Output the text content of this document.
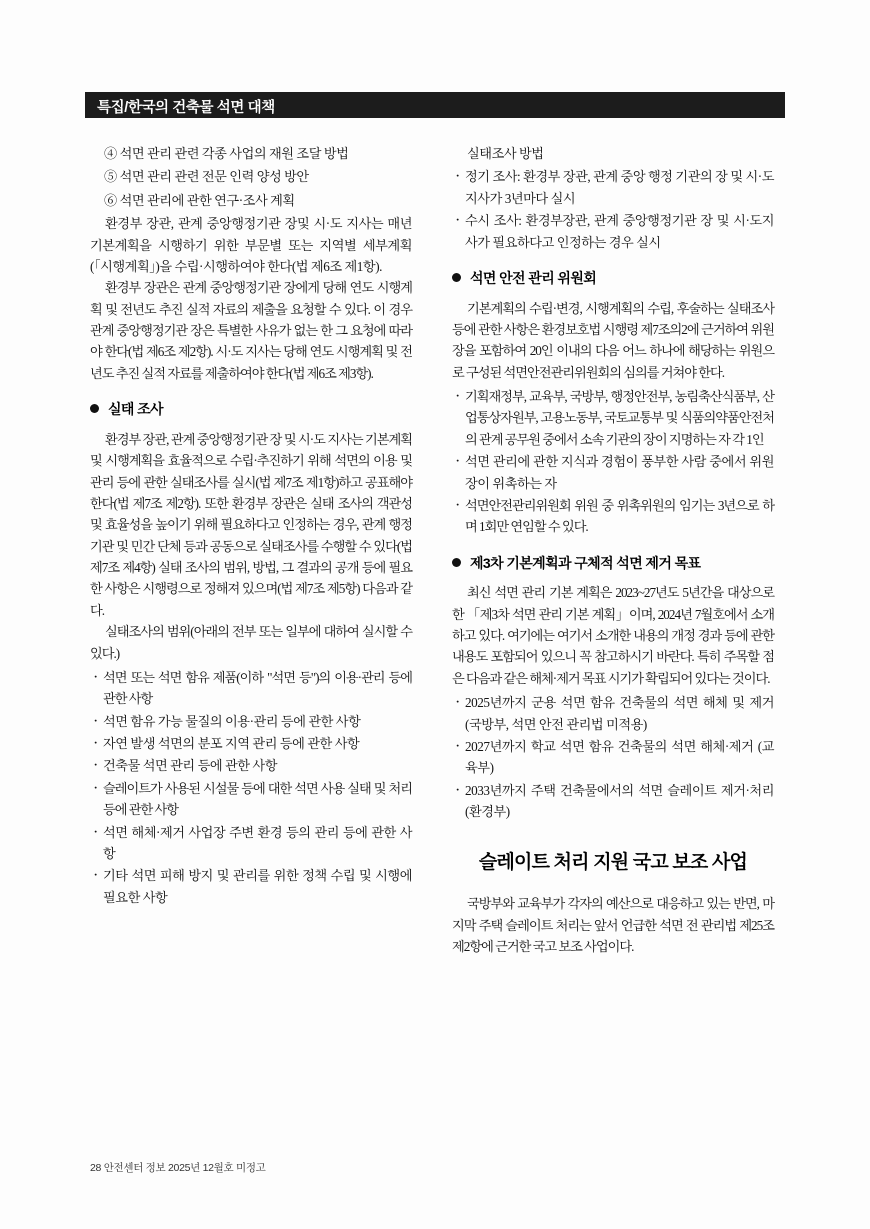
특집/한국의 건축물 석면 대책

④ 석면 관리 관련 각종 사업의 재원 조달 방법

⑤ 석면 관리 관련 전문 인력 양성 방안

⑥ 석면 관리에 관한 연구·조사 계획

환경부 장관, 관계 중앙행정기관 장및 시·도 지사는 매년 기본계획을 시행하기 위한 부문별 또는 지역별 세부계획(「시행계획」)을 수립·시행하여야 한다(법 제6조 제1항).

환경부 장관은 관계 중앙행정기관 장에게 당해 연도 시행계획 및 전년도 추진 실적 자료의 제출을 요청할 수 있다. 이 경우 관계 중앙행정기관 장은 특별한 사유가 없는 한 그 요청에 따라야 한다(법 제6조 제2항). 시·도 지사는 당해 연도 시행계획 및 전년도 추진 실적 자료를 제출하여야 한다(법 제6조 제3항).

실태 조사

환경부 장관, 관계 중앙행정기관 장 및 시·도 지사는 기본계획 및 시행계획을 효율적으로 수립·추진하기 위해 석면의 이용 및 관리 등에 관한 실태조사를 실시(법 제7조 제1항)하고 공표해야 한다(법 제7조 제2항). 또한 환경부 장관은 실태 조사의 객관성 및 효율성을 높이기 위해 필요하다고 인정하는 경우, 관계 행정 기관 및 민간 단체 등과 공동으로 실태조사를 수행할 수 있다(법 제7조 제4항) 실태 조사의 범위, 방법, 그 결과의 공개 등에 필요한 사항은 시행령으로 정해져 있으며(법 제7조 제5항) 다음과 같다.

실태조사의 범위(아래의 전부 또는 일부에 대하여 실시할 수 있다.)

· 석면 또는 석면 함유 제품(이하 "석면 등")의 이용·관리 등에 관한 사항

· 석면 함유 가능 물질의 이용·관리 등에 관한 사항

· 자연 발생 석면의 분포 지역 관리 등에 관한 사항

· 건축물 석면 관리 등에 관한 사항

· 슬레이트가 사용된 시설물 등에 대한 석면 사용 실태 및 처리 등에 관한 사항

· 석면 해체·제거 사업장 주변 환경 등의 관리 등에 관한 사항

· 기타 석면 피해 방지 및 관리를 위한 정책 수립 및 시행에 필요한 사항

실태조사 방법

· 정기 조사: 환경부 장관, 관계 중앙 행정 기관의 장 및 시·도 지사가 3년마다 실시

· 수시 조사: 환경부장관, 관계 중앙행정기관 장 및 시·도지사가 필요하다고 인정하는 경우 실시

석면 안전 관리 위원회

기본계획의 수립·변경, 시행계획의 수립, 후술하는 실태조사 등에 관한 사항은 환경보호법 시행령 제7조의2에 근거하여 위원장을 포함하여 20인 이내의 다음 어느 하나에 해당하는 위원으로 구성된 석면안전관리위원회의 심의를 거쳐야 한다.

· 기획재정부, 교육부, 국방부, 행정안전부, 농림축산식품부, 산업통상자원부, 고용노동부, 국토교통부 및 식품의약품안전처의 관계 공무원 중에서 소속 기관의 장이 지명하는 자 각 1인

· 석면 관리에 관한 지식과 경험이 풍부한 사람 중에서 위원장이 위촉하는 자

· 석면안전관리위원회 위원 중 위촉위원의 임기는 3년으로 하며 1회만 연임할 수 있다.

제3차 기본계획과 구체적 석면 제거 목표

최신 석면 관리 기본 계획은 2023~27년도 5년간을 대상으로 한 「제3차 석면 관리 기본 계획」이며, 2024년 7월호에서 소개하고 있다. 여기에는 여기서 소개한 내용의 개정 경과 등에 관한 내용도 포함되어 있으니 꼭 참고하시기 바란다. 특히 주목할 점은 다음과 같은 해체·제거 목표 시기가 확립되어 있다는 것이다.

· 2025년까지 군용 석면 함유 건축물의 석면 해체 및 제거 (국방부, 석면 안전 관리법 미적용)

· 2027년까지 학교 석면 함유 건축물의 석면 해체·제거 (교육부)

· 2033년까지 주택 건축물에서의 석면 슬레이트 제거·처리 (환경부)

슬레이트 처리 지원 국고 보조 사업

국방부와 교육부가 각자의 예산으로 대응하고 있는 반면, 마지막 주택 슬레이트 처리는 앞서 언급한 석면 전 관리법 제25조 제2항에 근거한 국고 보조 사업이다.

28 안전센터 정보 2025년 12월호 미정고
